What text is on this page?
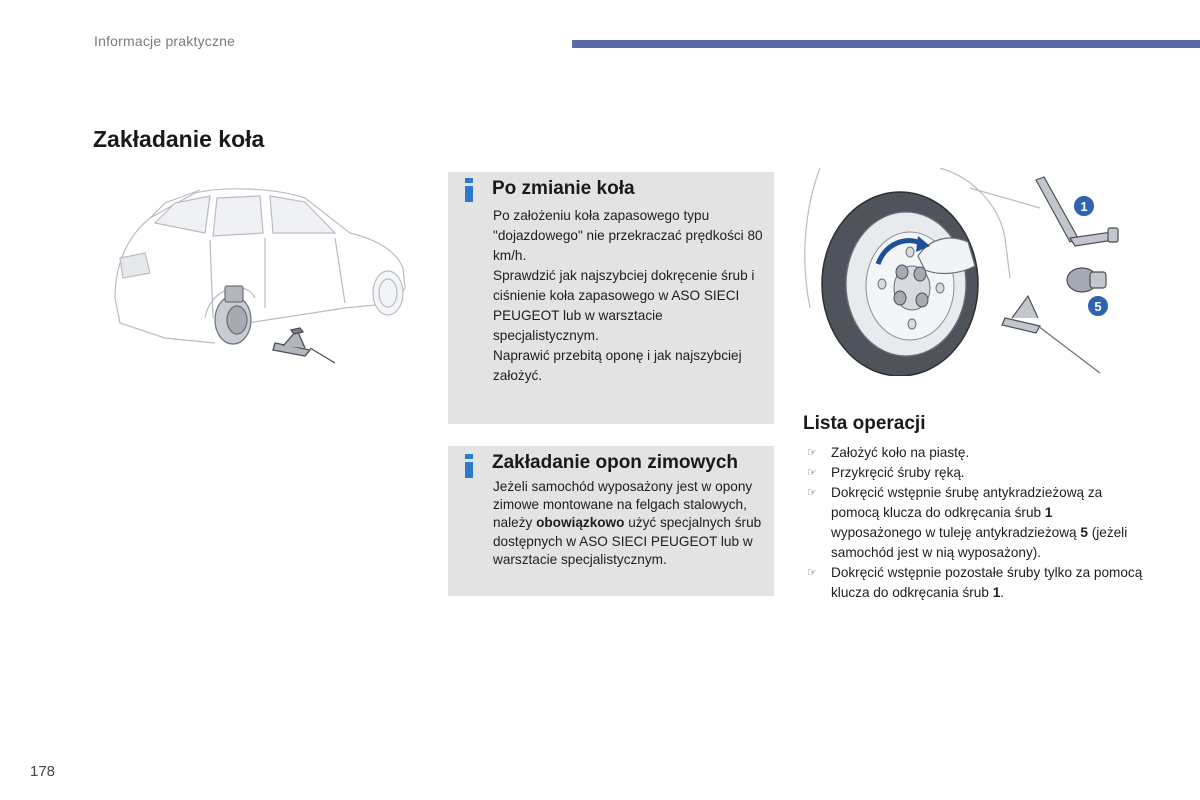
Informacje praktyczne
Zakładanie koła
1
5
Po zmianie koła

Po założeniu koła zapasowego typu "dojazdowego" nie przekraczać prędkości 80 km/h.

Sprawdzić jak najszybciej dokręcenie śrub i ciśnienie koła zapasowego w ASO SIECI PEUGEOT lub w warsztacie specjalistycznym.

Naprawić przebitą oponę i jak najszybciej założyć.

Zakładanie opon zimowych

Jeżeli samochód wyposażony jest w opony zimowe montowane na felgach stalowych, należy obowiązkowo użyć specjalnych śrub dostępnych w ASO SIECI PEUGEOT lub w warsztacie specjalistycznym.

Lista operacji
☞ Założyć koło na piastę.
☞ Przykręcić śruby ręką.
☞ Dokręcić wstępnie śrubę antykradzieżową za pomocą klucza do odkręcania śrub 1 wyposażonego w tuleję antykradzieżową 5 (jeżeli samochód jest w nią wyposażony).
☞ Dokręcić wstępnie pozostałe śruby tylko za pomocą klucza do odkręcania śrub 1.
178
